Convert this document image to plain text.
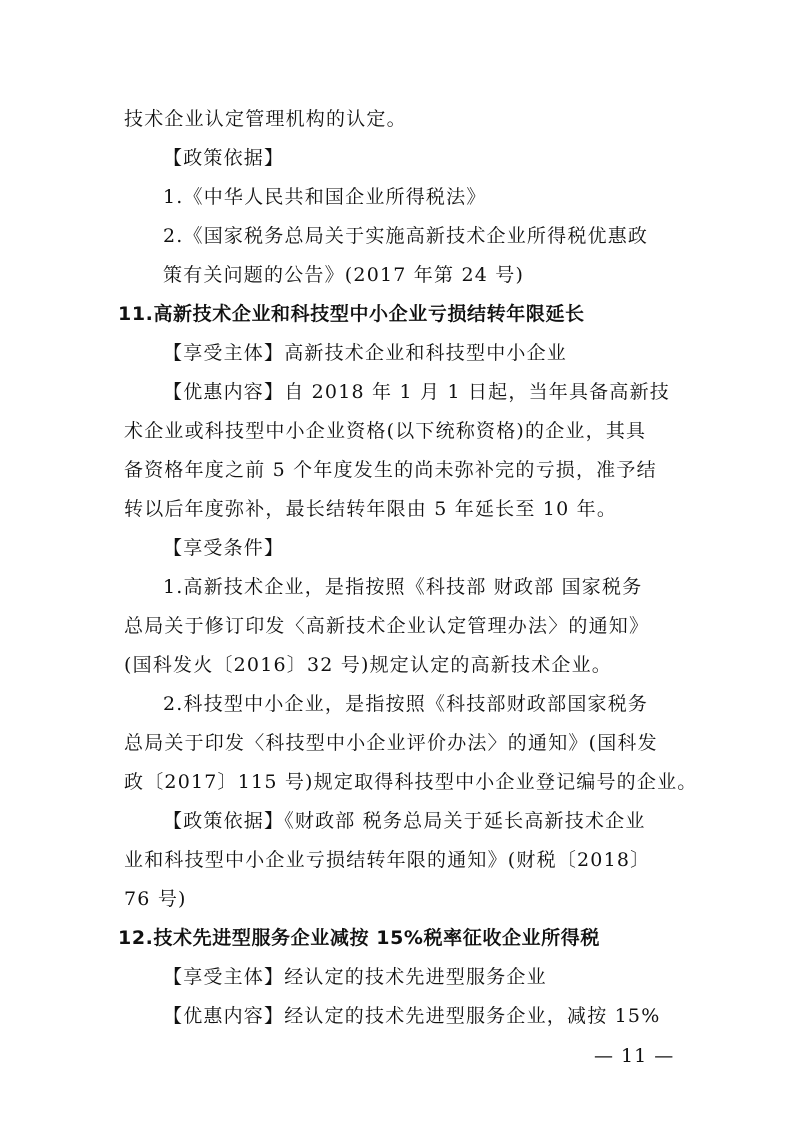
技术企业认定管理机构的认定。
【政策依据】
1.《中华人民共和国企业所得税法》
2.《国家税务总局关于实施高新技术企业所得税优惠政
策有关问题的公告》(2017 年第 24 号)
11.高新技术企业和科技型中小企业亏损结转年限延长
【享受主体】高新技术企业和科技型中小企业
【优惠内容】自 2018 年 1 月 1 日起，当年具备高新技
术企业或科技型中小企业资格(以下统称资格)的企业，其具
备资格年度之前 5 个年度发生的尚未弥补完的亏损，准予结
转以后年度弥补，最长结转年限由 5 年延长至 10 年。
【享受条件】
1.高新技术企业，是指按照《科技部 财政部 国家税务
总局关于修订印发〈高新技术企业认定管理办法〉的通知》
(国科发火〔2016〕32 号)规定认定的高新技术企业。
2.科技型中小企业，是指按照《科技部财政部国家税务
总局关于印发〈科技型中小企业评价办法〉的通知》(国科发
政〔2017〕115 号)规定取得科技型中小企业登记编号的企业。
【政策依据】《财政部 税务总局关于延长高新技术企业
业和科技型中小企业亏损结转年限的通知》(财税〔2018〕
76 号)
12.技术先进型服务企业减按 15%税率征收企业所得税
【享受主体】经认定的技术先进型服务企业
【优惠内容】经认定的技术先进型服务企业，减按 15%
— 11 —
